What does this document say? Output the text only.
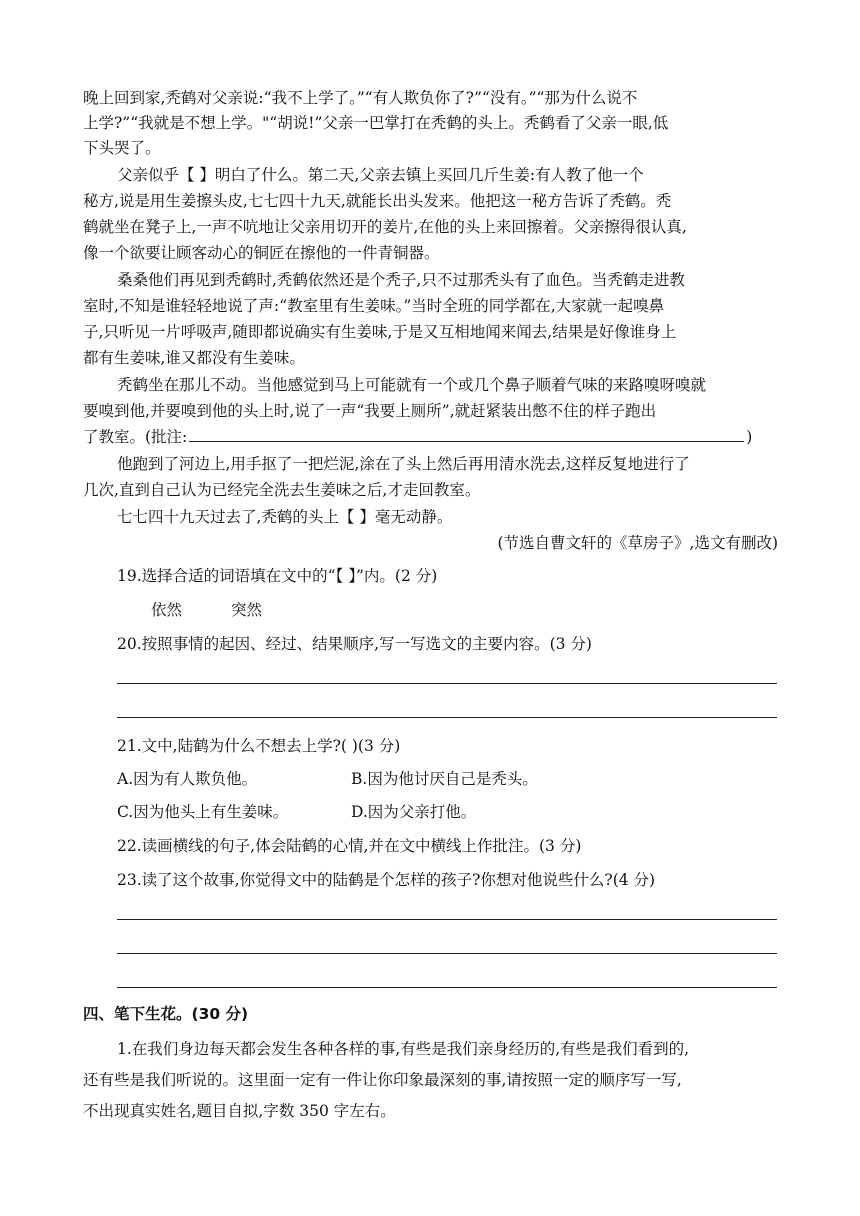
晚上回到家,秃鹤对父亲说:“我不上学了。”“有人欺负你了?”“没有。”“那为什么说不
上学?”“我就是不想上学。"“胡说!”父亲一巴掌打在秃鹤的头上。秃鹤看了父亲一眼,低
下头哭了。
父亲似乎【 】明白了什么。第二天,父亲去镇上买回几斤生姜:有人教了他一个
秘方,说是用生姜擦头皮,七七四十九天,就能长出头发来。他把这一秘方告诉了秃鹤。秃
鹤就坐在凳子上,一声不吭地让父亲用切开的姜片,在他的头上来回擦着。父亲擦得很认真,
像一个欲要让顾客动心的铜匠在擦他的一件青铜器。
桑桑他们再见到秃鹤时,秃鹤依然还是个秃子,只不过那秃头有了血色。当秃鹤走进教
室时,不知是谁轻轻地说了声:“教室里有生姜味。”当时全班的同学都在,大家就一起嗅鼻
子,只听见一片呼吸声,随即都说确实有生姜味,于是又互相地闻来闻去,结果是好像谁身上
都有生姜味,谁又都没有生姜味。
秃鹤坐在那儿不动。当他感觉到马上可能就有一个或几个鼻子顺着气味的来路嗅呀嗅就
要嗅到他,并要嗅到他的头上时,说了一声“我要上厕所”,就赶紧装出憋不住的样子跑出
了教室。(批注:	)
他跑到了河边上,用手抠了一把烂泥,涂在了头上然后再用清水洗去,这样反复地进行了
几次,直到自己认为已经完全洗去生姜味之后,才走回教室。
七七四十九天过去了,秃鹤的头上【 】毫无动静。
(节选自曹文轩的《草房子》,选文有删改)
19.选择合适的词语填在文中的“【 】”内。(2 分)
依然	突然
20.按照事情的起因、经过、结果顺序,写一写选文的主要内容。(3 分)
21.文中,陆鹤为什么不想去上学?( )(3 分)
A.因为有人欺负他。	B.因为他讨厌自己是秃头。
C.因为他头上有生姜味。	D.因为父亲打他。
22.读画横线的句子,体会陆鹤的心情,并在文中横线上作批注。(3 分)
23.读了这个故事,你觉得文中的陆鹤是个怎样的孩子?你想对他说些什么?(4 分)
四、笔下生花。(30 分)
1.在我们身边每天都会发生各种各样的事,有些是我们亲身经历的,有些是我们看到的,
还有些是我们听说的。这里面一定有一件让你印象最深刻的事,请按照一定的顺序写一写,
不出现真实姓名,题目自拟,字数 350 字左右。
